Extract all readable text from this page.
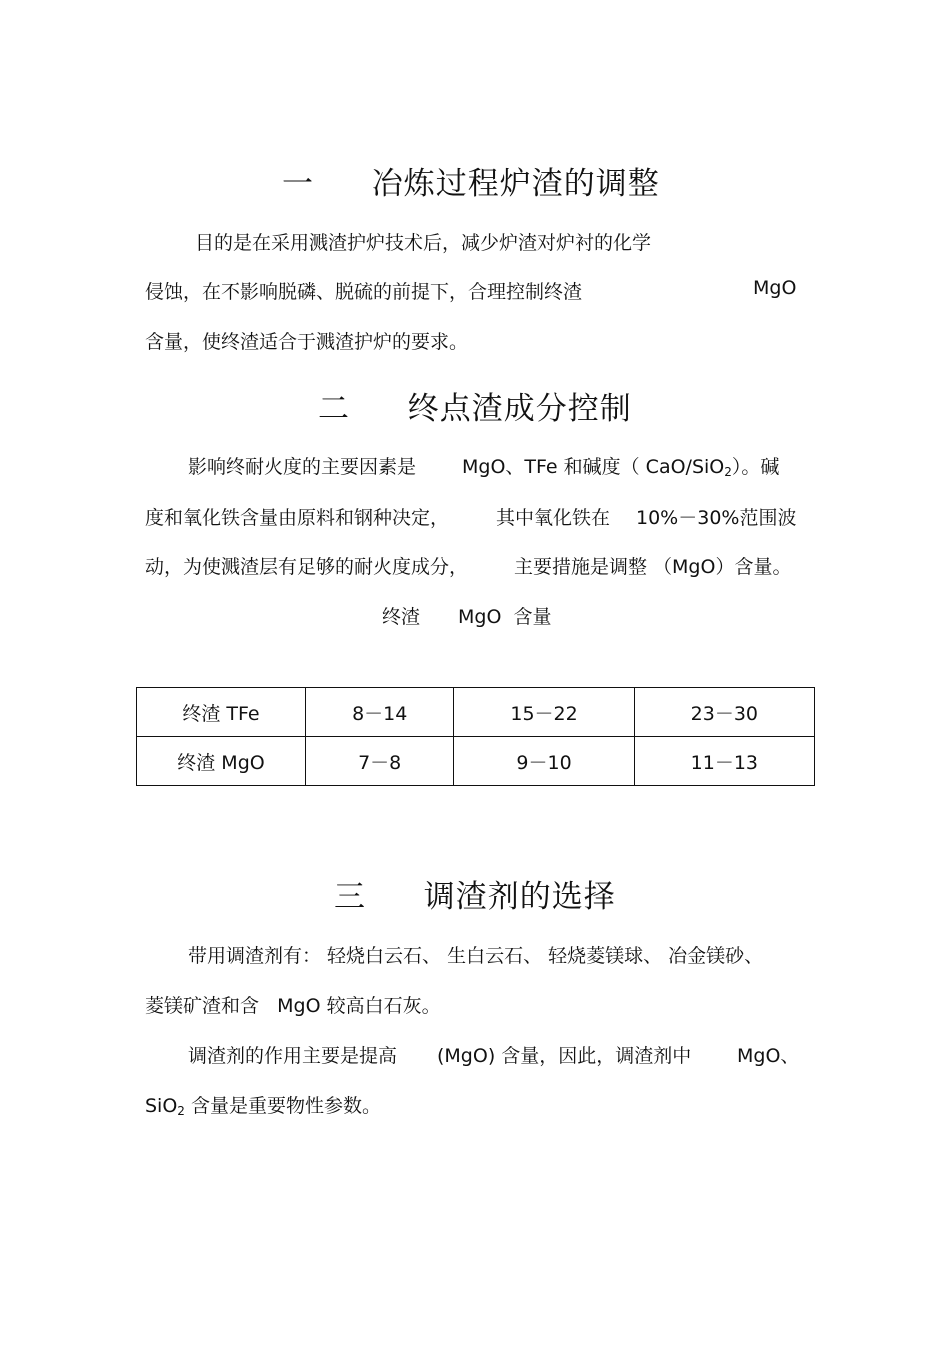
一 冶炼过程炉渣的调整
目的是在采用溅渣护炉技术后，减少炉渣对炉衬的化学
侵蚀，在不影响脱磷、脱硫的前提下，合理控制终渣	MgO
含量，使终渣适合于溅渣护炉的要求。
二 终点渣成分控制
影响终耐火度的主要因素是 MgO、TFe 和碱度（ CaO/SiO$_2$）。碱
度和氧化铁含量由原料和钢种决定， 其中氧化铁在 10%－30%范围波
动，为使溅渣层有足够的耐火度成分， 主要措施是调整 （MgO）含量。
终渣 MgO  含量
终渣 TFe	8－14	15－22	23－30
终渣 MgO	7－8	9－10	11－13
三 调渣剂的选择
带用调渣剂有： 轻烧白云石、 生白云石、 轻烧菱镁球、 冶金镁砂、
菱镁矿渣和含   MgO 较高白石灰。
调渣剂的作用主要是提高 (MgO) 含量，因此，调渣剂中 MgO、
SiO$_2$ 含量是重要物性参数。
